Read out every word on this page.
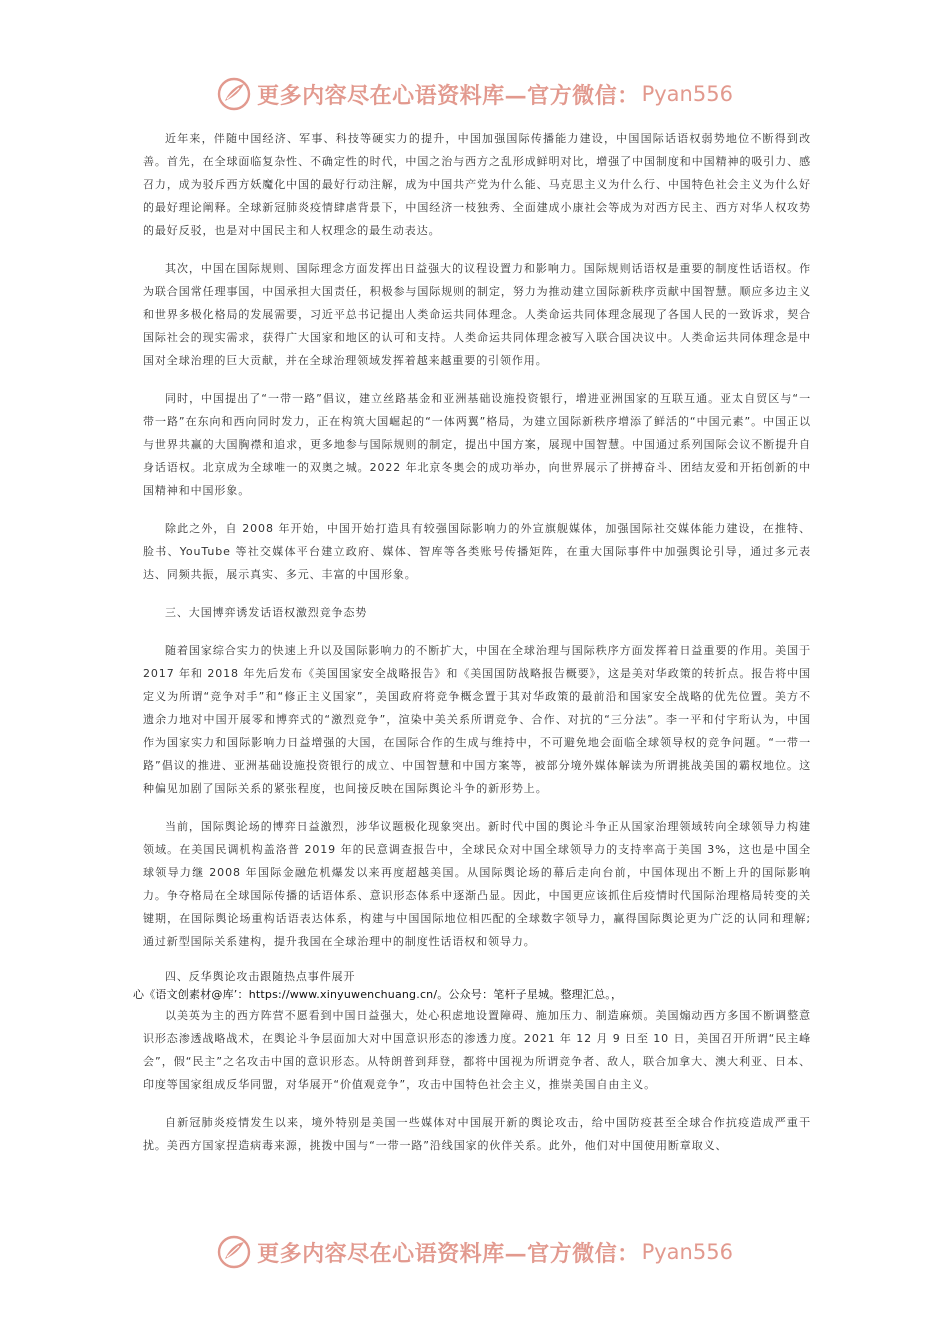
更多内容尽在心语资料库—官方微信： Pyan556

近年来，伴随中国经济、军事、科技等硬实力的提升，中国加强国际传播能力建设，中国国际话语权弱势地位不断得到改善。首先，在全球面临复杂性、不确定性的时代，中国之治与西方之乱形成鲜明对比，增强了中国制度和中国精神的吸引力、感召力，成为驳斥西方妖魔化中国的最好行动注解，成为中国共产党为什么能、马克思主义为什么行、中国特色社会主义为什么好的最好理论阐释。全球新冠肺炎疫情肆虐背景下，中国经济一枝独秀、全面建成小康社会等成为对西方民主、西方对华人权攻势的最好反驳，也是对中国民主和人权理念的最生动表达。

其次，中国在国际规则、国际理念方面发挥出日益强大的议程设置力和影响力。国际规则话语权是重要的制度性话语权。作为联合国常任理事国，中国承担大国责任，积极参与国际规则的制定，努力为推动建立国际新秩序贡献中国智慧。顺应多边主义和世界多极化格局的发展需要，习近平总书记提出人类命运共同体理念。人类命运共同体理念展现了各国人民的一致诉求，契合国际社会的现实需求，获得广大国家和地区的认可和支持。人类命运共同体理念被写入联合国决议中。人类命运共同体理念是中国对全球治理的巨大贡献，并在全球治理领域发挥着越来越重要的引领作用。

同时，中国提出了“一带一路”倡议，建立丝路基金和亚洲基础设施投资银行，增进亚洲国家的互联互通。亚太自贸区与“一带一路”在东向和西向同时发力，正在构筑大国崛起的“一体两翼”格局，为建立国际新秩序增添了鲜活的“中国元素”。中国正以与世界共赢的大国胸襟和追求，更多地参与国际规则的制定，提出中国方案，展现中国智慧。中国通过系列国际会议不断提升自身话语权。北京成为全球唯一的双奥之城。2022 年北京冬奥会的成功举办，向世界展示了拼搏奋斗、团结友爱和开拓创新的中国精神和中国形象。

除此之外，自 2008 年开始，中国开始打造具有较强国际影响力的外宣旗舰媒体，加强国际社交媒体能力建设，在推特、脸书、YouTube 等社交媒体平台建立政府、媒体、智库等各类账号传播矩阵，在重大国际事件中加强舆论引导，通过多元表达、同频共振，展示真实、多元、丰富的中国形象。

三、大国博弈诱发话语权激烈竞争态势

随着国家综合实力的快速上升以及国际影响力的不断扩大，中国在全球治理与国际秩序方面发挥着日益重要的作用。美国于 2017 年和 2018 年先后发布《美国国家安全战略报告》和《美国国防战略报告概要》，这是美对华政策的转折点。报告将中国定义为所谓“竞争对手”和“修正主义国家”，美国政府将竞争概念置于其对华政策的最前沿和国家安全战略的优先位置。美方不遗余力地对中国开展零和博弈式的“激烈竞争”，渲染中美关系所谓竞争、合作、对抗的“三分法”。李一平和付宇珩认为，中国作为国家实力和国际影响力日益增强的大国，在国际合作的生成与维持中，不可避免地会面临全球领导权的竞争问题。“一带一路”倡议的推进、亚洲基础设施投资银行的成立、中国智慧和中国方案等，被部分境外媒体解读为所谓挑战美国的霸权地位。这种偏见加剧了国际关系的紧张程度，也间接反映在国际舆论斗争的新形势上。

当前，国际舆论场的博弈日益激烈，涉华议题极化现象突出。新时代中国的舆论斗争正从国家治理领域转向全球领导力构建领域。在美国民调机构盖洛普 2019 年的民意调查报告中，全球民众对中国全球领导力的支持率高于美国 3%，这也是中国全球领导力继 2008 年国际金融危机爆发以来再度超越美国。从国际舆论场的幕后走向台前，中国体现出不断上升的国际影响力。争夺格局在全球国际传播的话语体系、意识形态体系中逐渐凸显。因此，中国更应该抓住后疫情时代国际治理格局转变的关键期，在国际舆论场重构话语表达体系，构建与中国国际地位相匹配的全球数字领导力，赢得国际舆论更为广泛的认同和理解;通过新型国际关系建构，提升我国在全球治理中的制度性话语权和领导力。

四、反华舆论攻击跟随热点事件展开

心《语文创素材@库’：https://www.xinyuwenchuang.cn/。公众号：笔杆子星城。整理汇总。，

以美英为主的西方阵营不愿看到中国日益强大，处心积虑地设置障碍、施加压力、制造麻烦。美国煽动西方多国不断调整意识形态渗透战略战术，在舆论斗争层面加大对中国意识形态的渗透力度。2021 年 12 月 9 日至 10 日，美国召开所谓“民主峰会”，假“民主”之名攻击中国的意识形态。从特朗普到拜登，都将中国视为所谓竞争者、敌人，联合加拿大、澳大利亚、日本、印度等国家组成反华同盟，对华展开“价值观竞争”，攻击中国特色社会主义，推崇美国自由主义。

自新冠肺炎疫情发生以来，境外特别是美国一些媒体对中国展开新的舆论攻击，给中国防疫甚至全球合作抗疫造成严重干扰。美西方国家捏造病毒来源，挑拨中国与“一带一路”沿线国家的伙伴关系。此外，他们对中国使用断章取义、

更多内容尽在心语资料库—官方微信： Pyan556
